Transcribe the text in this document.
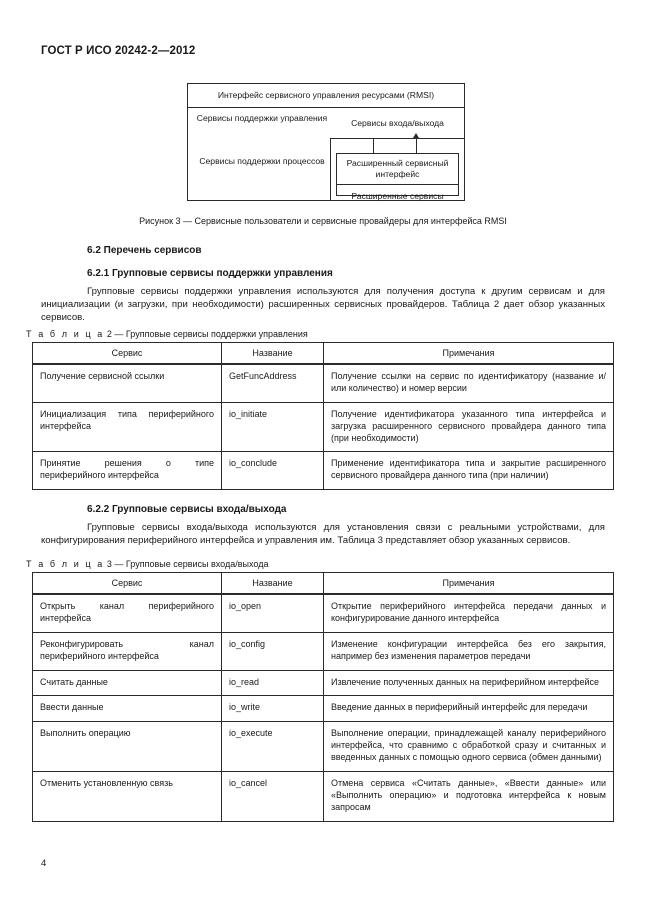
ГОСТ Р ИСО 20242-2—2012
Интерфейс сервисного управления ресурсами (RMSI)
Сервисы поддержки управления
Сервисы поддержки процессов
Сервисы входа/выхода
Расширенный сервисный интерфейс
Расширенные сервисы
Рисунок 3 — Сервисные пользователи и сервисные провайдеры для интерфейса RMSI
6.2 Перечень сервисов
6.2.1 Групповые сервисы поддержки управления
Групповые сервисы поддержки управления используются для получения доступа к другим сервисам и для инициализации (и загрузки, при необходимости) расширенных сервисных провайдеров. Таблица 2 дает обзор указанных сервисов.
Т а б л и ц а 2 — Групповые сервисы поддержки управления
Сервис	Название	Примечания
Получение сервисной ссылки	GetFuncAddress	Получение ссылки на сервис по идентификатору (название и/или количество) и номер версии
Инициализация типа периферийного интерфейса	io_initiate	Получение идентификатора указанного типа интерфейса и загрузка расширенного сервисного провайдера данного типа (при необходимости)
Принятие решения о типе периферийного интерфейса	io_conclude	Применение идентификатора типа и закрытие расширенного сервисного провайдера данного типа (при наличии)
6.2.2 Групповые сервисы входа/выхода
Групповые сервисы входа/выхода используются для установления связи с реальными устройствами, для конфигурирования периферийного интерфейса и управления им. Таблица 3 представляет обзор указанных сервисов.
Т а б л и ц а 3 — Групповые сервисы входа/выхода
Сервис	Название	Примечания
Открыть канал периферийного интерфейса	io_open	Открытие периферийного интерфейса передачи данных и конфигурирование данного интерфейса
Реконфигурировать канал периферийного интерфейса	io_config	Изменение конфигурации интерфейса без его закрытия, например без изменения параметров передачи
Считать данные	io_read	Извлечение полученных данных на периферийном интерфейсе
Ввести данные	io_write	Введение данных в периферийный интерфейс для передачи
Выполнить операцию	io_execute	Выполнение операции, принадлежащей каналу периферийного интерфейса, что сравнимо с обработкой сразу и считанных и введенных данных с помощью одного сервиса (обмен данными)
Отменить установленную связь	io_cancel	Отмена сервиса «Считать данные», «Ввести данные» или «Выполнить операцию» и подготовка интерфейса к новым запросам
4
